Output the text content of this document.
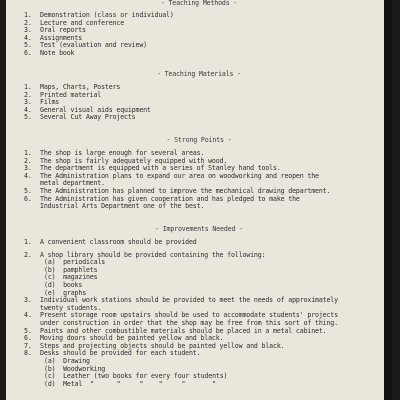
- Teaching Methods -
1. Demonstration (class or individual)
2. Lecture and conference
3. Oral reports
4. Assignments
5. Test (evaluation and review)
6. Note book
- Teaching Materials -
1. Maps, Charts, Posters
2. Printed material
3. Films
4. General visual aids equipment
5. Several Cut Away Projects
- Strong Points -
1. The shop is large enough for several areas.
2. The shop is fairly adequately equipped with wood.
3. The department is equipped with a series of Stanley hand tools.
4. The Administration plans to expand our area on woodworking and reopen the
metal department.
5. The Administration has planned to improve the mechanical drawing department.
6. The Administration has given cooperation and has pledged to make the
Industrial Arts Department one of the best.
- Improvements Needed -
1. A convenient classroom should be provided
2. A shop library should be provided containing the following:
(a)  periodicals
(b)  pamphlets
(c)  magazines
(d)  books
(e)  graphs
3. Individual work stations should be provided to meet the needs of approximately
twenty students.
4. Present storage room upstairs should be used to accommodate students' projects
under construction in order that the shop may be free from this sort of thing.
5. Paints and other combustible materials should be placed in a metal cabinet.
6. Moving doors should be painted yellow and black.
7. Steps and projecting objects should be painted yellow and black.
8. Desks should be provided for each student.
(a)  Drawing
(b)  Woodworking
(c)  Leather (two books for every four students)
(d)  Metal  "      "     "    "     "       "
